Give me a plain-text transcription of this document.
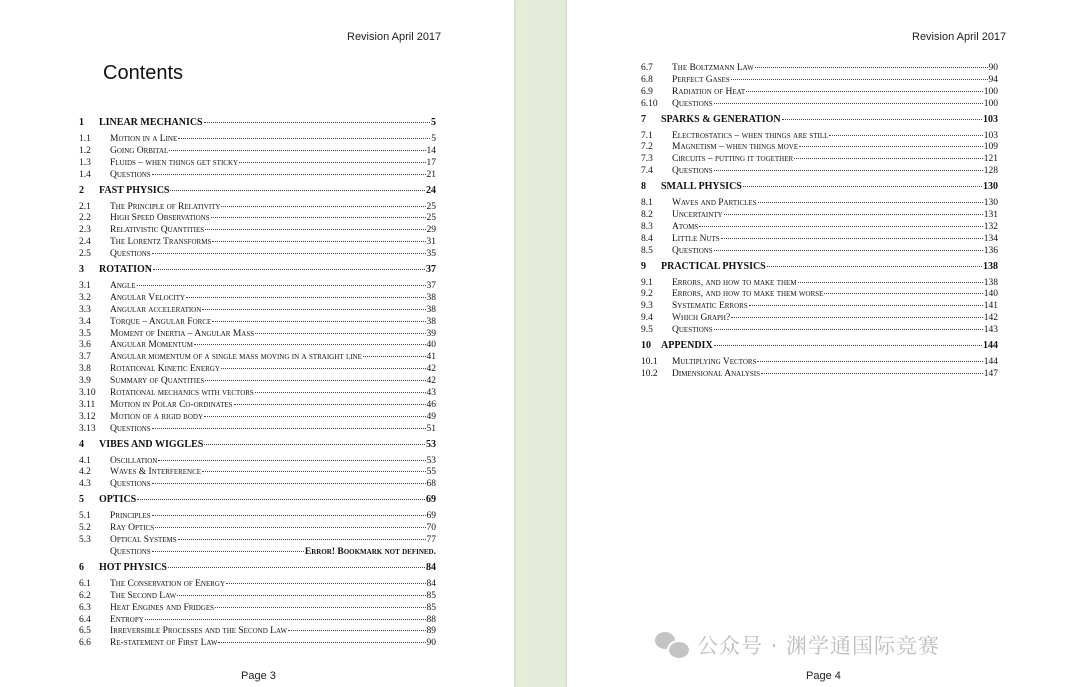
Revision April 2017
Contents
Page 3
Revision April 2017
Page 4
1	LINEAR MECHANICS	5
1.1	Motion in a Line	5
1.2	Going Orbital	14
1.3	Fluids – when things get sticky	17
1.4	Questions	21
2	FAST PHYSICS	24
2.1	The Principle of Relativity	25
2.2	High Speed Observations	25
2.3	Relativistic Quantities	29
2.4	The Lorentz Transforms	31
2.5	Questions	35
3	ROTATION	37
3.1	Angle	37
3.2	Angular Velocity	38
3.3	Angular acceleration	38
3.4	Torque – Angular Force	38
3.5	Moment of Inertia – Angular Mass	39
3.6	Angular Momentum	40
3.7	Angular momentum of a single mass moving in a straight line	41
3.8	Rotational Kinetic Energy	42
3.9	Summary of Quantities	42
3.10	Rotational mechanics with vectors	43
3.11	Motion in Polar Co-ordinates	46
3.12	Motion of a rigid body	49
3.13	Questions	51
4	VIBES AND WIGGLES	53
4.1	Oscillation	53
4.2	Waves & Interference	55
4.3	Questions	68
5	OPTICS	69
5.1	Principles	69
5.2	Ray Optics	70
5.3	Optical Systems	77
Questions	Error! Bookmark not defined.
6	HOT PHYSICS	84
6.1	The Conservation of Energy	84
6.2	The Second Law	85
6.3	Heat Engines and Fridges	85
6.4	Entropy	88
6.5	Irreversible Processes and the Second Law	89
6.6	Re-statement of First Law	90
6.7	The Boltzmann Law	90
6.8	Perfect Gases	94
6.9	Radiation of Heat	100
6.10	Questions	100
7	SPARKS & GENERATION	103
7.1	Electrostatics – when things are still	103
7.2	Magnetism – when things move	109
7.3	Circuits – putting it together	121
7.4	Questions	128
8	SMALL PHYSICS	130
8.1	Waves and Particles	130
8.2	Uncertainty	131
8.3	Atoms	132
8.4	Little Nuts	134
8.5	Questions	136
9	PRACTICAL PHYSICS	138
9.1	Errors, and how to make them	138
9.2	Errors, and how to make them worse	140
9.3	Systematic Errors	141
9.4	Which Graph?	142
9.5	Questions	143
10	APPENDIX	144
10.1	Multiplying Vectors	144
10.2	Dimensional Analysis	147
公众号 · 渊学通国际竞赛
